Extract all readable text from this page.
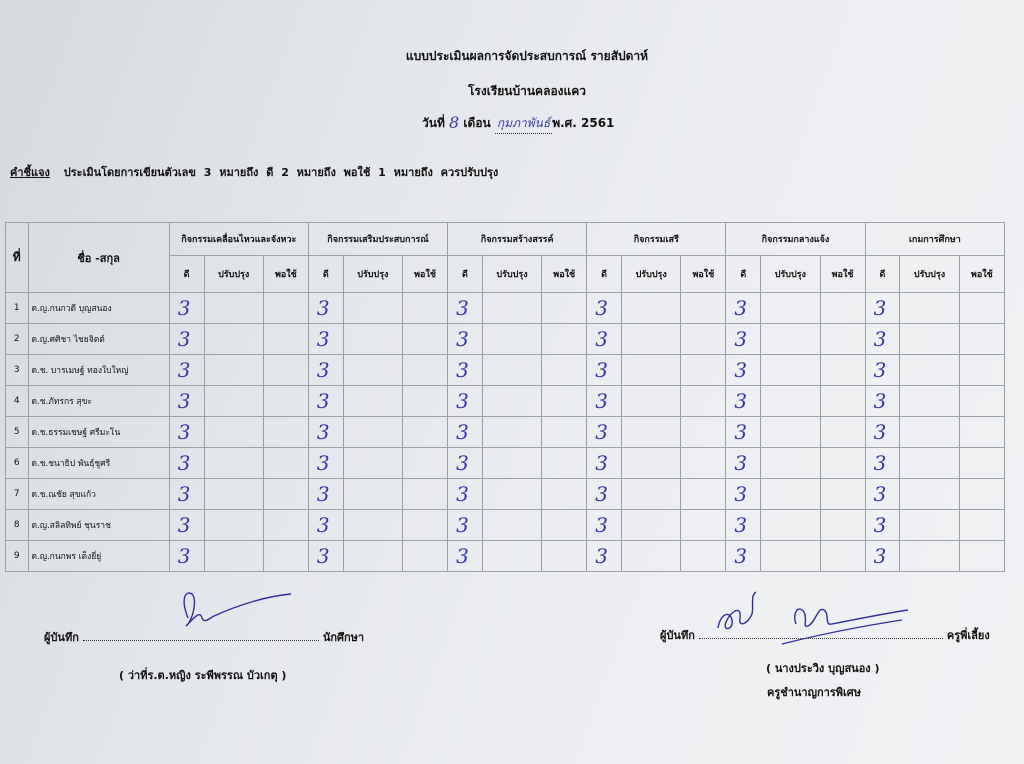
แบบประเมินผลการจัดประสบการณ์ รายสัปดาห์
โรงเรียนบ้านคลองแคว
วันที่ 8 เดือน กุมภาพันธ์ พ.ศ. 2561
คำชี้แจง ประเมินโดยการเขียนตัวเลข 3 หมายถึง ดี 2 หมายถึง พอใช้ 1 หมายถึง ควรปรับปรุง
ที่	ชื่อ -สกุล	กิจกรรมเคลื่อนไหวและจังหวะ			กิจกรรมเสริมประสบการณ์			กิจกรรมสร้างสรรค์			กิจกรรมเสรี			กิจกรรมกลางแจ้ง			เกมการศึกษา		
		ดี	ปรับปรุง	พอใช้	ดี	ปรับปรุง	พอใช้	ดี	ปรับปรุง	พอใช้	ดี	ปรับปรุง	พอใช้	ดี	ปรับปรุง	พอใช้	ดี	ปรับปรุง	พอใช้
1	ด.ญ.กนกวดี บุญสนอง	3			3			3			3			3			3		
2	ด.ญ.ศศิชา ไชยจิตต์	3			3			3			3			3			3		
3	ด.ช. บารเมษฐ์ ทองใบใหญ่	3			3			3			3			3			3		
4	ด.ช.ภัทรกร สุขะ	3			3			3			3			3			3		
5	ด.ช.ธรรมเชษฐ์ ศรีมะโน	3			3			3			3			3			3		
6	ด.ช.ชนาธิป พันธุ์ชูศรี	3			3			3			3			3			3		
7	ด.ช.ณชัย สุขแก้ว	3			3			3			3			3			3		
8	ด.ญ.สลิลทิพย์ ชุนราช	3			3			3			3			3			3		
9	ด.ญ.กนกพร เต็งยี่ยู่	3			3			3			3			3			3		
ผู้บันทึก	นักศึกษา
( ว่าที่ร.ต.หญิง ระพีพรรณ บัวเกตุ )
ผู้บันทึก	ครูพี่เลี้ยง
( นางประวิง บุญสนอง )
ครูชำนาญการพิเศษ
